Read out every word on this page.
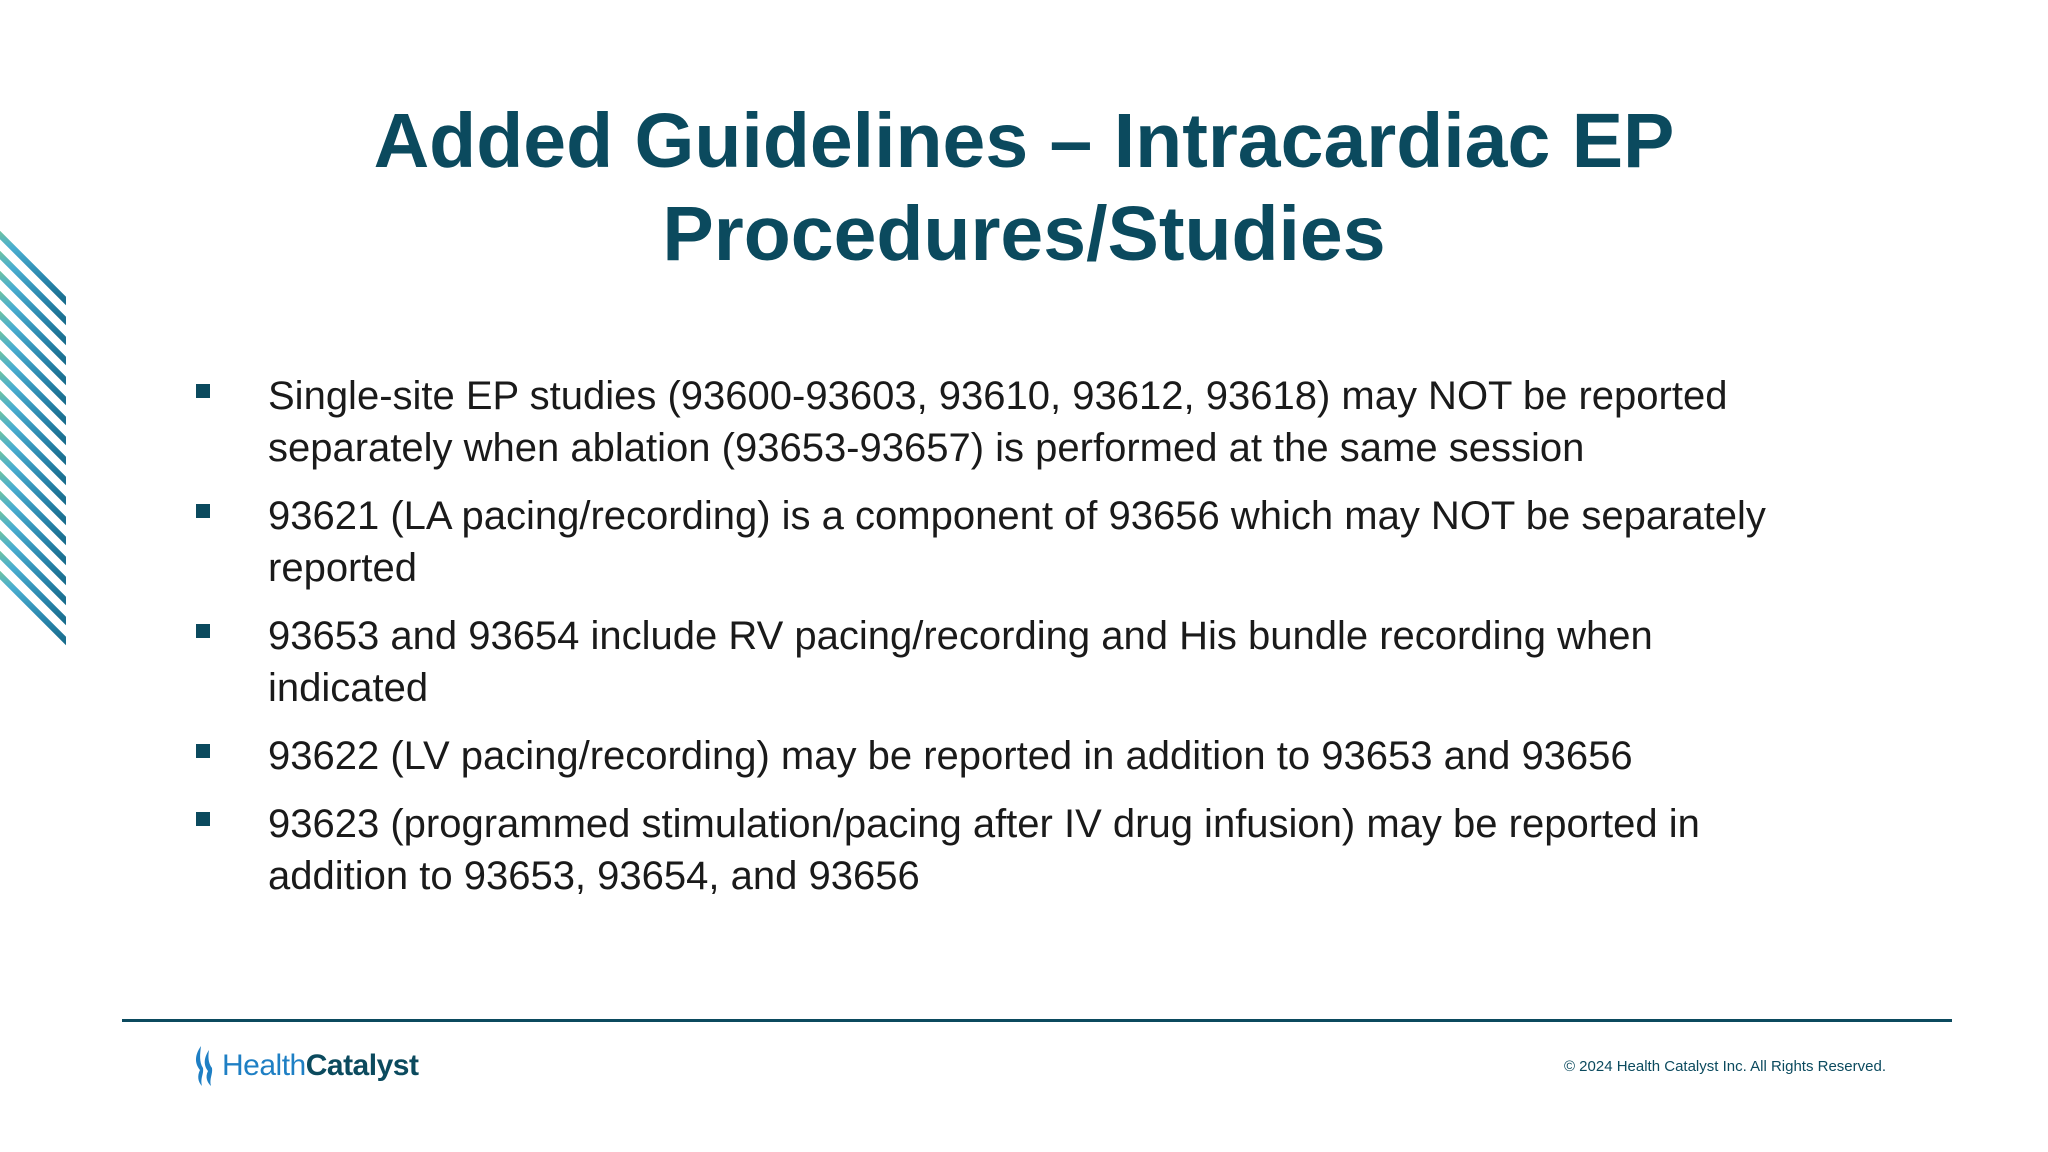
Added Guidelines – Intracardiac EP
Procedures/Studies
Single-site EP studies (93600-93603, 93610, 93612, 93618) may NOT be reported
separately when ablation (93653-93657) is performed at the same session
93621 (LA pacing/recording) is a component of 93656 which may NOT be separately
reported
93653 and 93654 include RV pacing/recording and His bundle recording when
indicated
93622 (LV pacing/recording) may be reported in addition to 93653 and 93656
93623 (programmed stimulation/pacing after IV drug infusion) may be reported in
addition to 93653, 93654, and 93656
HealthCatalyst	© 2024 Health Catalyst Inc. All Rights Reserved.
